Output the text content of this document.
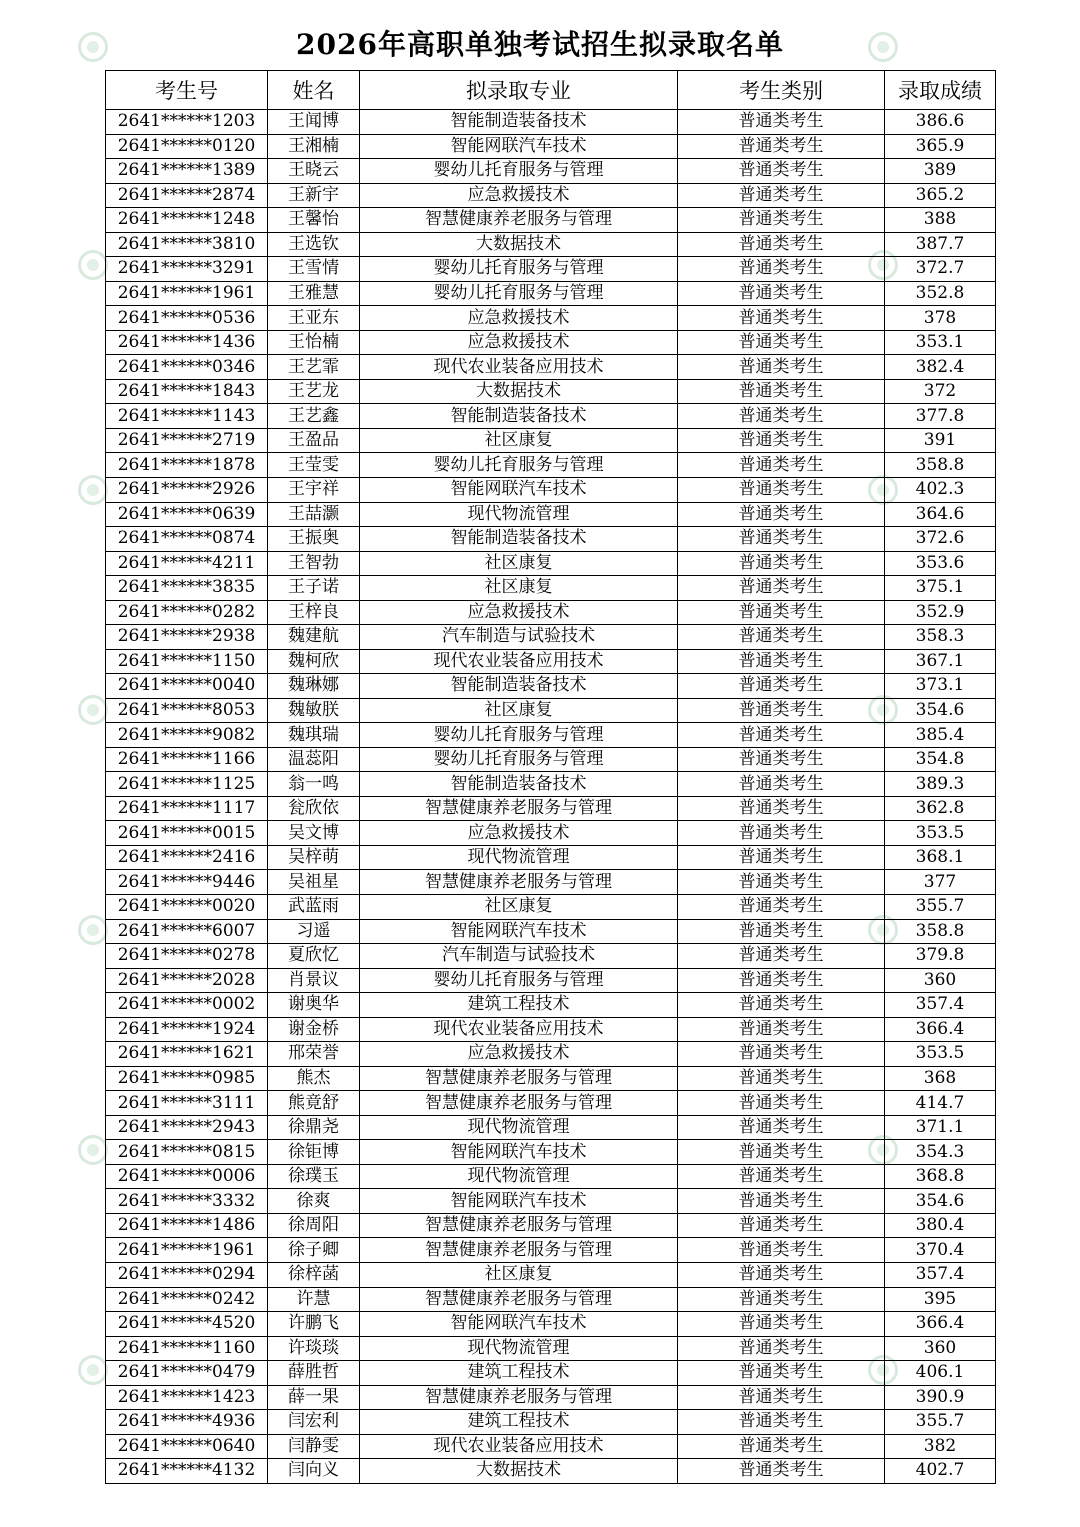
2026年高职单独考试招生拟录取名单
考生号	姓名	拟录取专业	考生类别	录取成绩
2641******1203	王闻博	智能制造装备技术	普通类考生	386.6
2641******0120	王湘楠	智能网联汽车技术	普通类考生	365.9
2641******1389	王晓云	婴幼儿托育服务与管理	普通类考生	389
2641******2874	王新宇	应急救援技术	普通类考生	365.2
2641******1248	王馨怡	智慧健康养老服务与管理	普通类考生	388
2641******3810	王选钦	大数据技术	普通类考生	387.7
2641******3291	王雪情	婴幼儿托育服务与管理	普通类考生	372.7
2641******1961	王雅慧	婴幼儿托育服务与管理	普通类考生	352.8
2641******0536	王亚东	应急救援技术	普通类考生	378
2641******1436	王怡楠	应急救援技术	普通类考生	353.1
2641******0346	王艺霏	现代农业装备应用技术	普通类考生	382.4
2641******1843	王艺龙	大数据技术	普通类考生	372
2641******1143	王艺鑫	智能制造装备技术	普通类考生	377.8
2641******2719	王盈品	社区康复	普通类考生	391
2641******1878	王莹雯	婴幼儿托育服务与管理	普通类考生	358.8
2641******2926	王宇祥	智能网联汽车技术	普通类考生	402.3
2641******0639	王喆灏	现代物流管理	普通类考生	364.6
2641******0874	王振奥	智能制造装备技术	普通类考生	372.6
2641******4211	王智勃	社区康复	普通类考生	353.6
2641******3835	王子诺	社区康复	普通类考生	375.1
2641******0282	王梓良	应急救援技术	普通类考生	352.9
2641******2938	魏建航	汽车制造与试验技术	普通类考生	358.3
2641******1150	魏柯欣	现代农业装备应用技术	普通类考生	367.1
2641******0040	魏琳娜	智能制造装备技术	普通类考生	373.1
2641******8053	魏敏朕	社区康复	普通类考生	354.6
2641******9082	魏琪瑞	婴幼儿托育服务与管理	普通类考生	385.4
2641******1166	温蕊阳	婴幼儿托育服务与管理	普通类考生	354.8
2641******1125	翁一鸣	智能制造装备技术	普通类考生	389.3
2641******1117	瓮欣依	智慧健康养老服务与管理	普通类考生	362.8
2641******0015	吴文博	应急救援技术	普通类考生	353.5
2641******2416	吴梓萌	现代物流管理	普通类考生	368.1
2641******9446	吴祖星	智慧健康养老服务与管理	普通类考生	377
2641******0020	武蓝雨	社区康复	普通类考生	355.7
2641******6007	习遥	智能网联汽车技术	普通类考生	358.8
2641******0278	夏欣忆	汽车制造与试验技术	普通类考生	379.8
2641******2028	肖景议	婴幼儿托育服务与管理	普通类考生	360
2641******0002	谢奥华	建筑工程技术	普通类考生	357.4
2641******1924	谢金桥	现代农业装备应用技术	普通类考生	366.4
2641******1621	邢荣誉	应急救援技术	普通类考生	353.5
2641******0985	熊杰	智慧健康养老服务与管理	普通类考生	368
2641******3111	熊竟舒	智慧健康养老服务与管理	普通类考生	414.7
2641******2943	徐鼎尧	现代物流管理	普通类考生	371.1
2641******0815	徐钜博	智能网联汽车技术	普通类考生	354.3
2641******0006	徐璞玉	现代物流管理	普通类考生	368.8
2641******3332	徐爽	智能网联汽车技术	普通类考生	354.6
2641******1486	徐周阳	智慧健康养老服务与管理	普通类考生	380.4
2641******1961	徐子卿	智慧健康养老服务与管理	普通类考生	370.4
2641******0294	徐梓菡	社区康复	普通类考生	357.4
2641******0242	许慧	智慧健康养老服务与管理	普通类考生	395
2641******4520	许鹏飞	智能网联汽车技术	普通类考生	366.4
2641******1160	许琰琰	现代物流管理	普通类考生	360
2641******0479	薛胜哲	建筑工程技术	普通类考生	406.1
2641******1423	薛一果	智慧健康养老服务与管理	普通类考生	390.9
2641******4936	闫宏利	建筑工程技术	普通类考生	355.7
2641******0640	闫静雯	现代农业装备应用技术	普通类考生	382
2641******4132	闫向义	大数据技术	普通类考生	402.7
